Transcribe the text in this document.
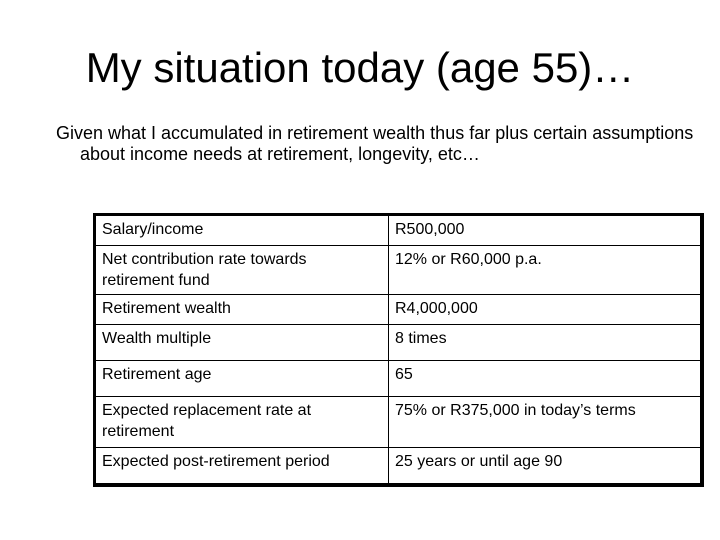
My situation today (age 55)…

Given what I accumulated in retirement wealth thus far plus certain assumptions about income needs at retirement, longevity, etc…

Salary/income	R500,000
Net contribution rate towards retirement fund	12% or R60,000 p.a.
Retirement wealth	R4,000,000
Wealth multiple	8 times
Retirement age	65
Expected replacement rate at retirement	75% or R375,000 in today’s terms
Expected post-retirement period	25 years or until age 90
